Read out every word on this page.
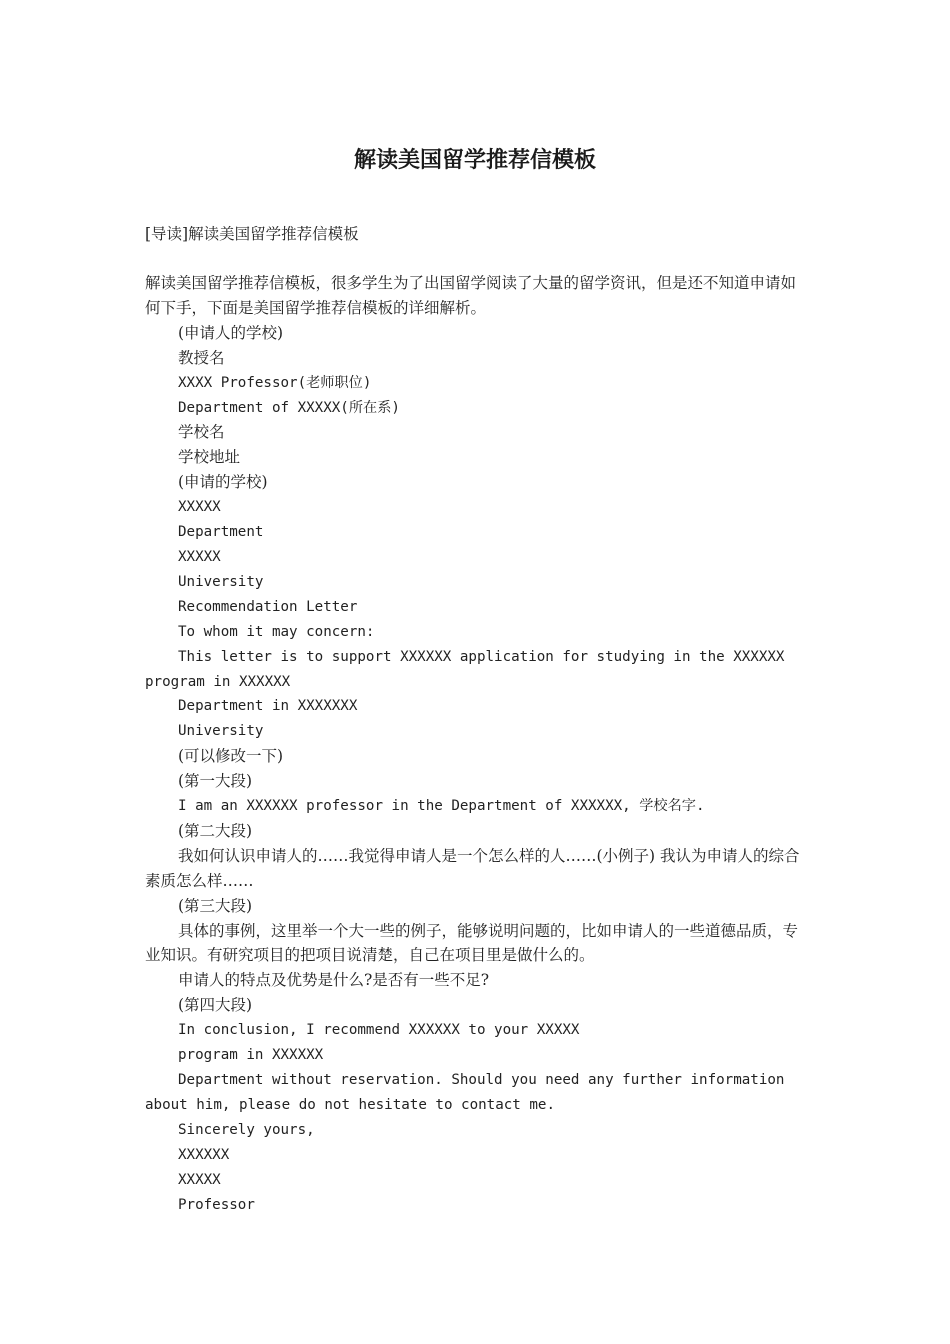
解读美国留学推荐信模板

[导读]解读美国留学推荐信模板

解读美国留学推荐信模板，很多学生为了出国留学阅读了大量的留学资讯，但是还不知道申请如何下手，下面是美国留学推荐信模板的详细解析。

(申请人的学校)

教授名

XXXX Professor(老师职位)

Department of XXXXX(所在系)

学校名

学校地址

(申请的学校)

XXXXX

Department

XXXXX

University

Recommendation Letter

To whom it may concern:

This letter is to support XXXXXX application for studying in the XXXXXX program in XXXXXX

Department in XXXXXXX

University

(可以修改一下)

(第一大段)

I am an XXXXXX professor in the Department of XXXXXX, 学校名字.

(第二大段)

我如何认识申请人的……我觉得申请人是一个怎么样的人……(小例子) 我认为申请人的综合素质怎么样……

(第三大段)

具体的事例，这里举一个大一些的例子，能够说明问题的，比如申请人的一些道德品质，专业知识。有研究项目的把项目说清楚，自己在项目里是做什么的。

申请人的特点及优势是什么?是否有一些不足?

(第四大段)

In conclusion, I recommend XXXXXX to your XXXXX

program in XXXXXX

Department without reservation. Should you need any further information about him, please do not hesitate to contact me.

Sincerely yours,

XXXXXX

XXXXX

Professor
